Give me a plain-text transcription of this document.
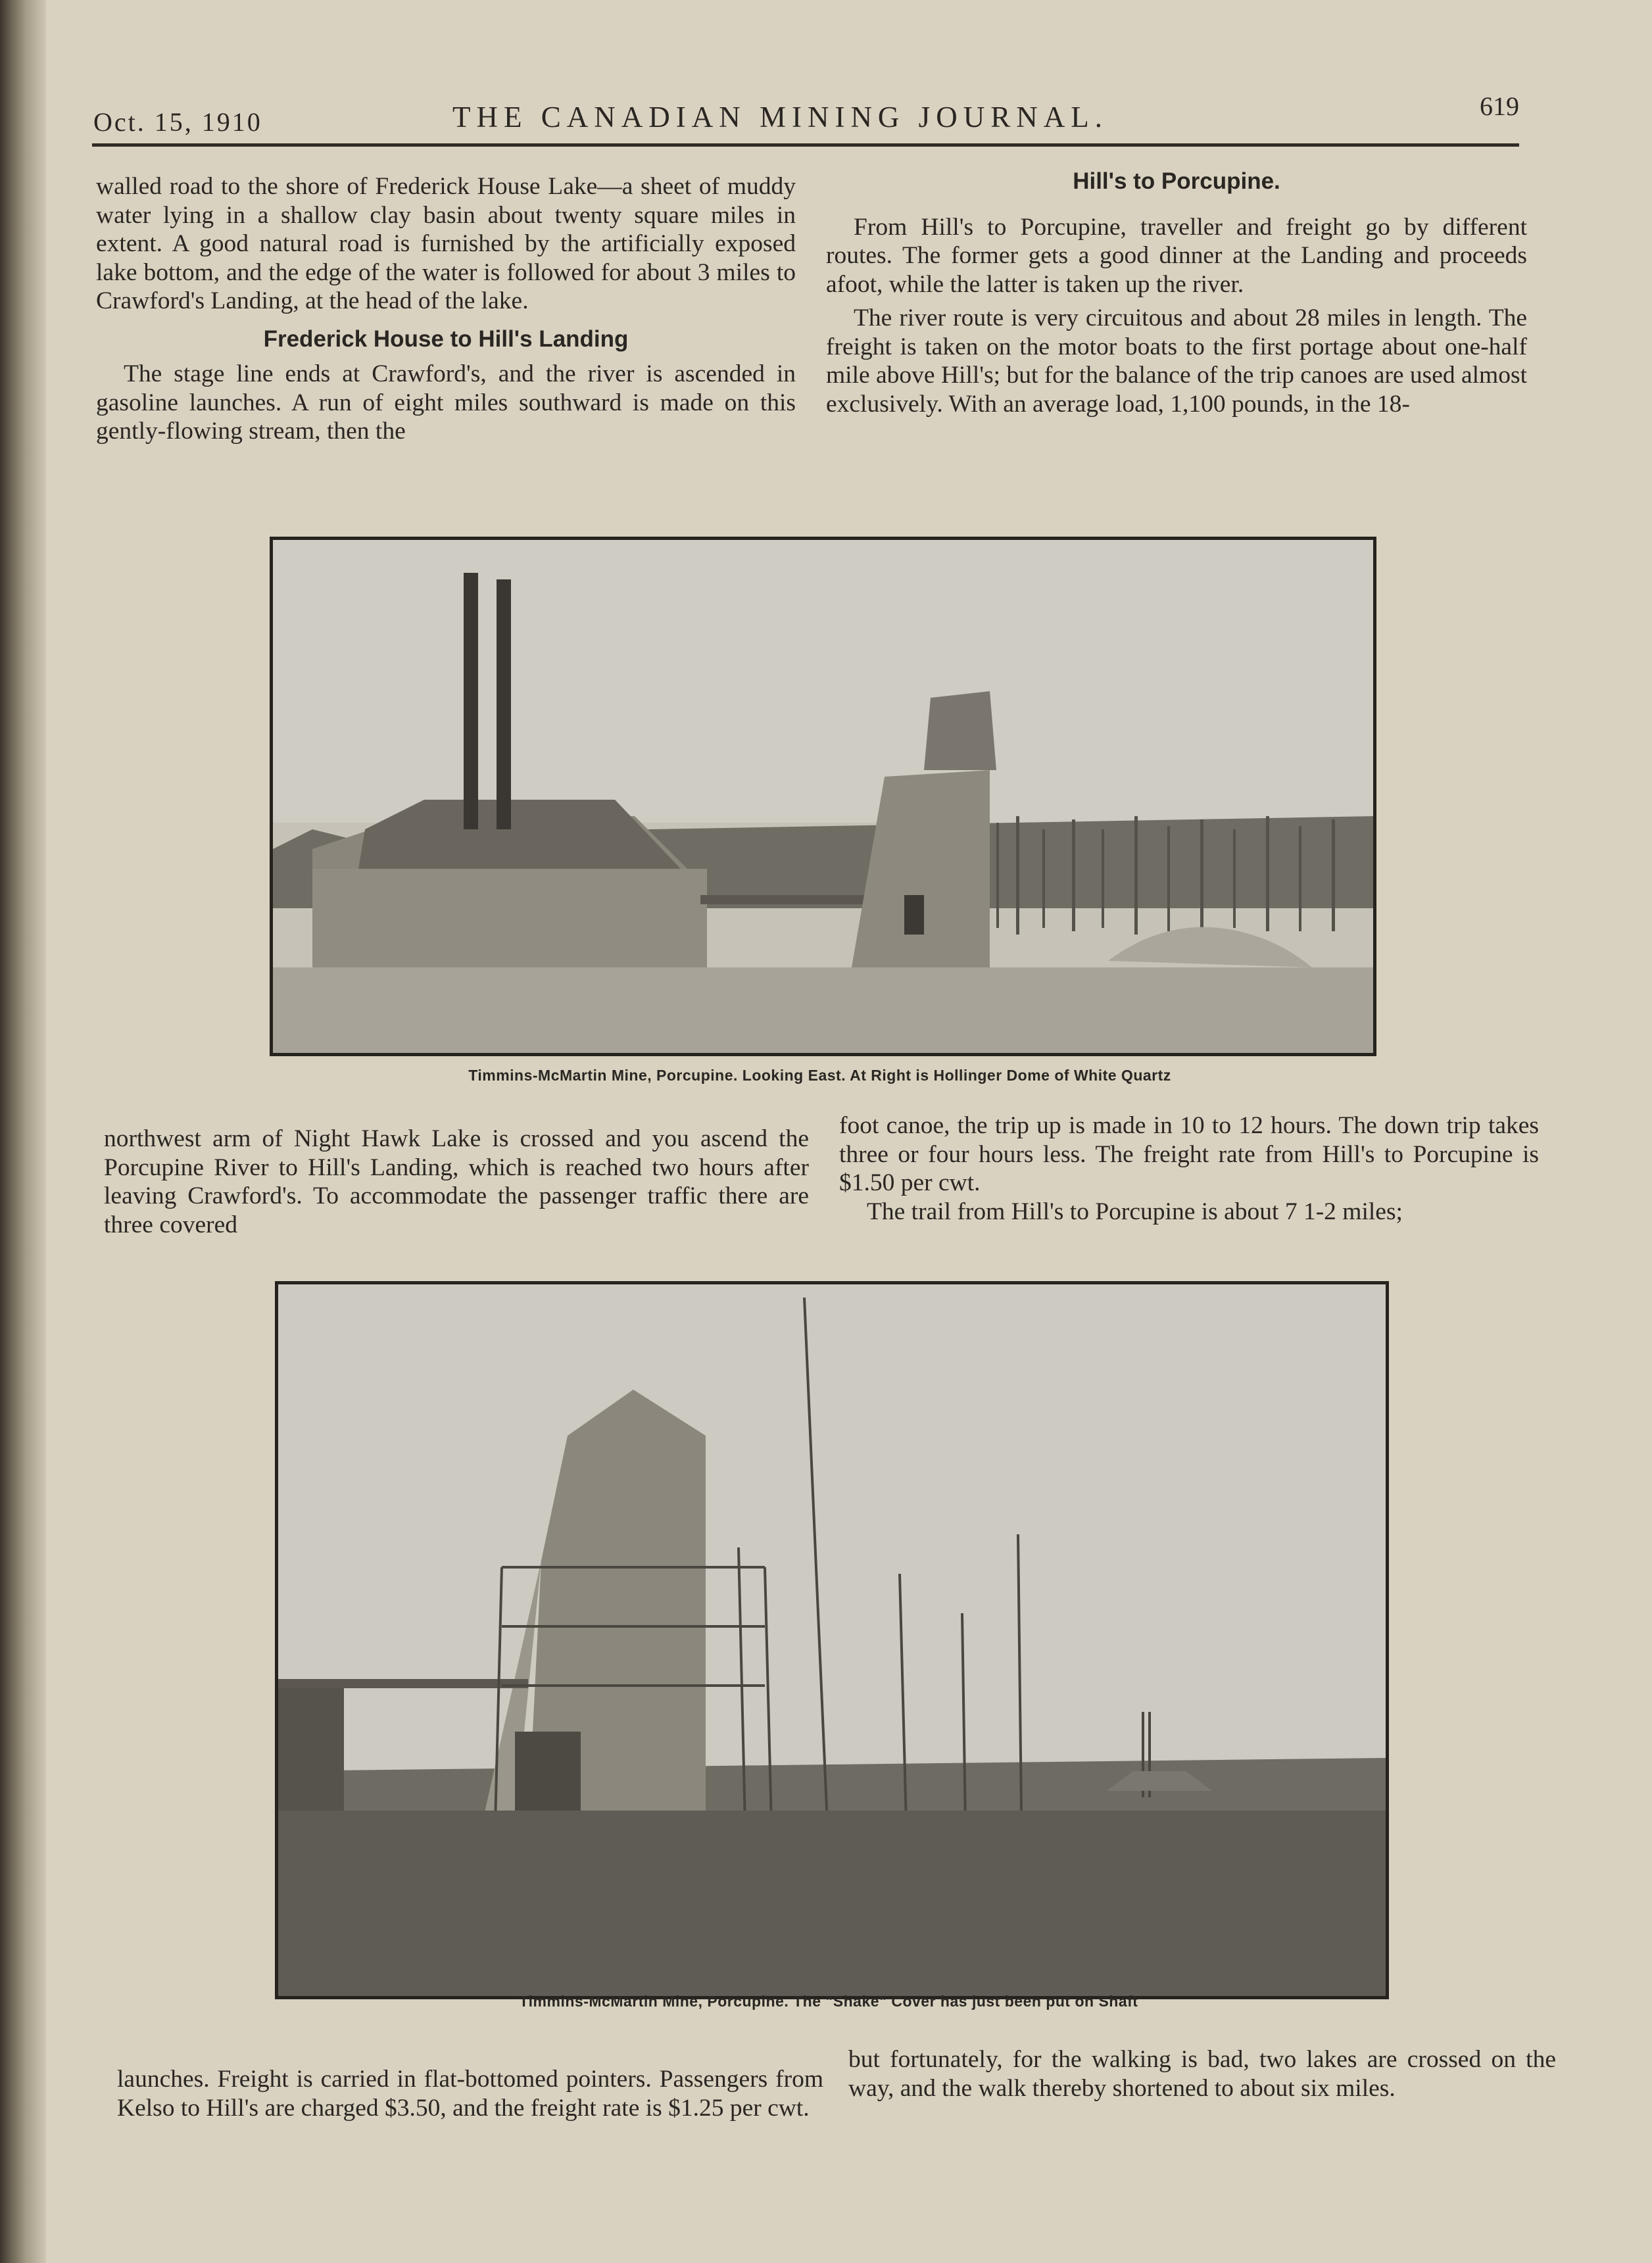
Oct. 15, 1910	THE CANADIAN MINING JOURNAL.	619

walled road to the shore of Frederick House Lake—a sheet of muddy water lying in a shallow clay basin about twenty square miles in extent. A good natural road is furnished by the artificially exposed lake bottom, and the edge of the water is followed for about 3 miles to Crawford's Landing, at the head of the lake.

Frederick House to Hill's Landing

The stage line ends at Crawford's, and the river is ascended in gasoline launches. A run of eight miles southward is made on this gently-flowing stream, then the

Hill's to Porcupine.

From Hill's to Porcupine, traveller and freight go by different routes. The former gets a good dinner at the Landing and proceeds afoot, while the latter is taken up the river.

The river route is very circuitous and about 28 miles in length. The freight is taken on the motor boats to the first portage about one-half mile above Hill's; but for the balance of the trip canoes are used almost exclusively. With an average load, 1,100 pounds, in the 18-

Timmins-McMartin Mine, Porcupine. Looking East. At Right is Hollinger Dome of White Quartz

northwest arm of Night Hawk Lake is crossed and you ascend the Porcupine River to Hill's Landing, which is reached two hours after leaving Crawford's. To accommodate the passenger traffic there are three covered

foot canoe, the trip up is made in 10 to 12 hours. The down trip takes three or four hours less. The freight rate from Hill's to Porcupine is $1.50 per cwt.

The trail from Hill's to Porcupine is about 7 1-2 miles;

Timmins-McMartin Mine, Porcupine. The "Shake" Cover has just been put on Shaft

launches. Freight is carried in flat-bottomed pointers. Passengers from Kelso to Hill's are charged $3.50, and the freight rate is $1.25 per cwt.

but fortunately, for the walking is bad, two lakes are crossed on the way, and the walk thereby shortened to about six miles.
